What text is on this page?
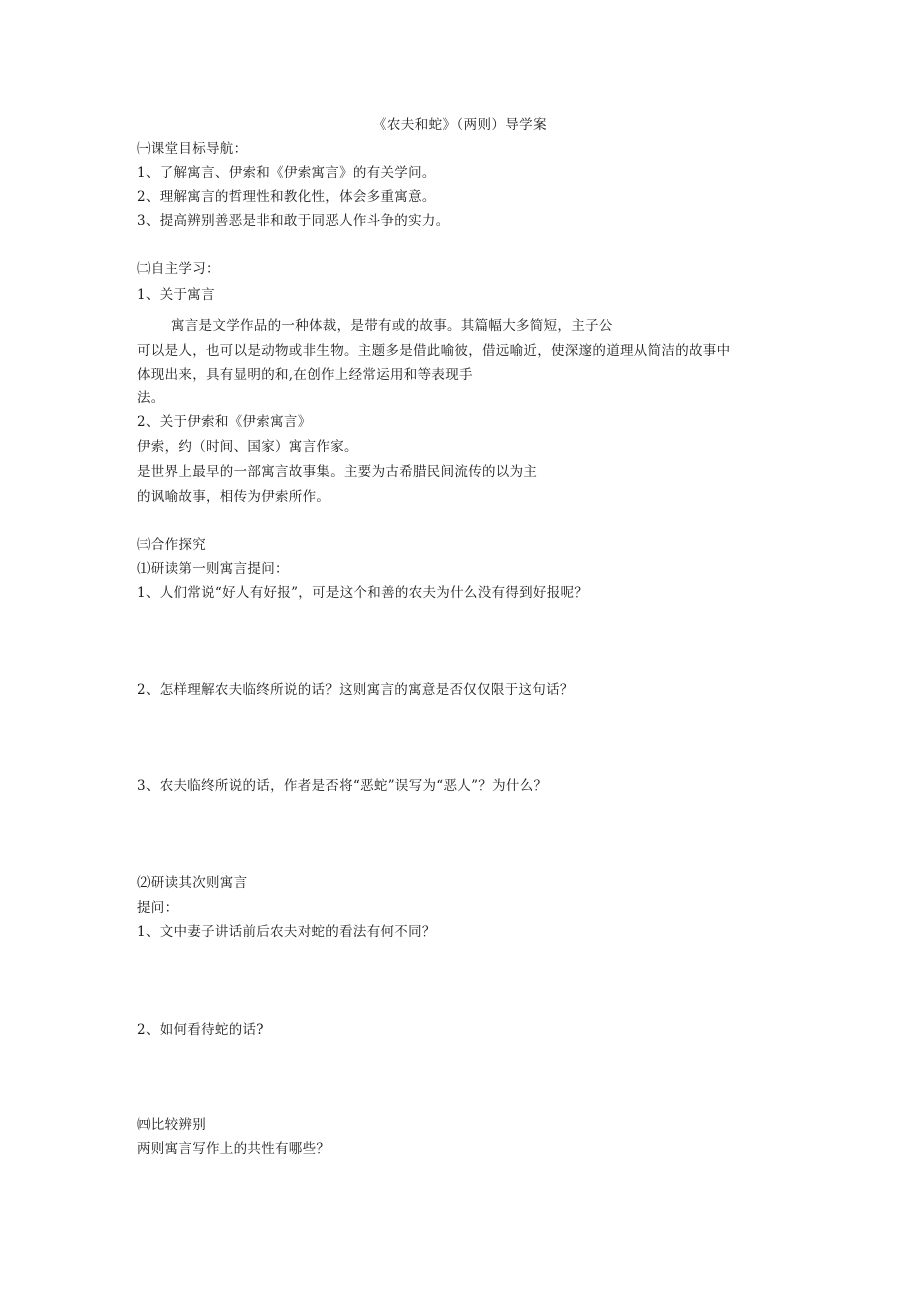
《农夫和蛇》（两则）导学案
㈠课堂目标导航：
1、了解寓言、伊索和《伊索寓言》的有关学问。
2、理解寓言的哲理性和教化性，体会多重寓意。
3、提高辨别善恶是非和敢于同恶人作斗争的实力。
㈡自主学习：
1、关于寓言
寓言是文学作品的一种体裁，是带有或的故事。其篇幅大多简短，主子公
可以是人，也可以是动物或非生物。主题多是借此喻彼，借远喻近，使深邃的道理从简洁的故事中
体现出来，具有显明的和,在创作上经常运用和等表现手
法。
2、关于伊索和《伊索寓言》
伊索，约（时间、国家）寓言作家。
是世界上最早的一部寓言故事集。主要为古希腊民间流传的以为主
的讽喻故事，相传为伊索所作。
㈢合作探究
⑴研读第一则寓言提问：
1、人们常说“好人有好报”，可是这个和善的农夫为什么没有得到好报呢？
2、怎样理解农夫临终所说的话？这则寓言的寓意是否仅仅限于这句话？
3、农夫临终所说的话，作者是否将“恶蛇”误写为“恶人”？为什么？
⑵研读其次则寓言
提问：
1、文中妻子讲话前后农夫对蛇的看法有何不同？
2、如何看待蛇的话?
㈣比较辨别
两则寓言写作上的共性有哪些？
